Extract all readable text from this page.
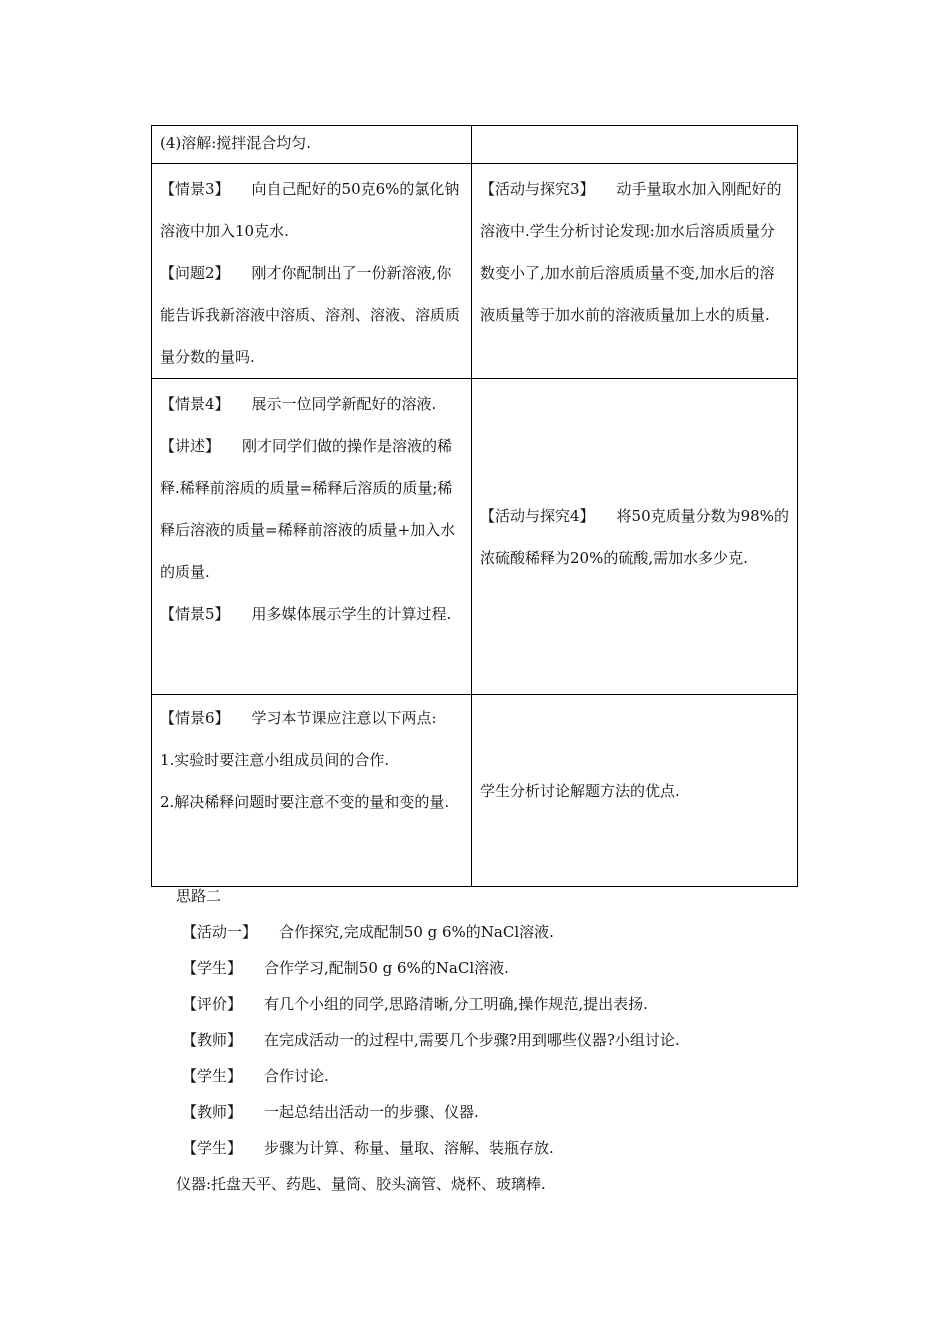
(4)溶解:搅拌混合均匀.	

【情景3】 向自己配好的50克6%的氯化钠溶液中加入10克水.

【问题2】 刚才你配制出了一份新溶液,你能告诉我新溶液中溶质、溶剂、溶液、溶质质量分数的量吗.	【活动与探究3】 动手量取水加入刚配好的溶液中.学生分析讨论发现:加水后溶质质量分数变小了,加水前后溶质质量不变,加水后的溶液质量等于加水前的溶液质量加上水的质量.

【情景4】 展示一位同学新配好的溶液.

【讲述】 刚才同学们做的操作是溶液的稀释.稀释前溶质的质量=稀释后溶质的质量;稀释后溶液的质量=稀释前溶液的质量+加入水的质量.

【情景5】 用多媒体展示学生的计算过程.	【活动与探究4】 将50克质量分数为98%的浓硫酸稀释为20%的硫酸,需加水多少克.

【情景6】 学习本节课应注意以下两点:

1.实验时要注意小组成员间的合作.

2.解决稀释问题时要注意不变的量和变的量.	学生分析讨论解题方法的优点.

思路二

【活动一】 合作探究,完成配制50 g 6%的NaCl溶液.

【学生】 合作学习,配制50 g 6%的NaCl溶液.

【评价】 有几个小组的同学,思路清晰,分工明确,操作规范,提出表扬.

【教师】 在完成活动一的过程中,需要几个步骤?用到哪些仪器?小组讨论.

【学生】 合作讨论.

【教师】 一起总结出活动一的步骤、仪器.

【学生】 步骤为计算、称量、量取、溶解、装瓶存放.

仪器:托盘天平、药匙、量筒、胶头滴管、烧杯、玻璃棒.
